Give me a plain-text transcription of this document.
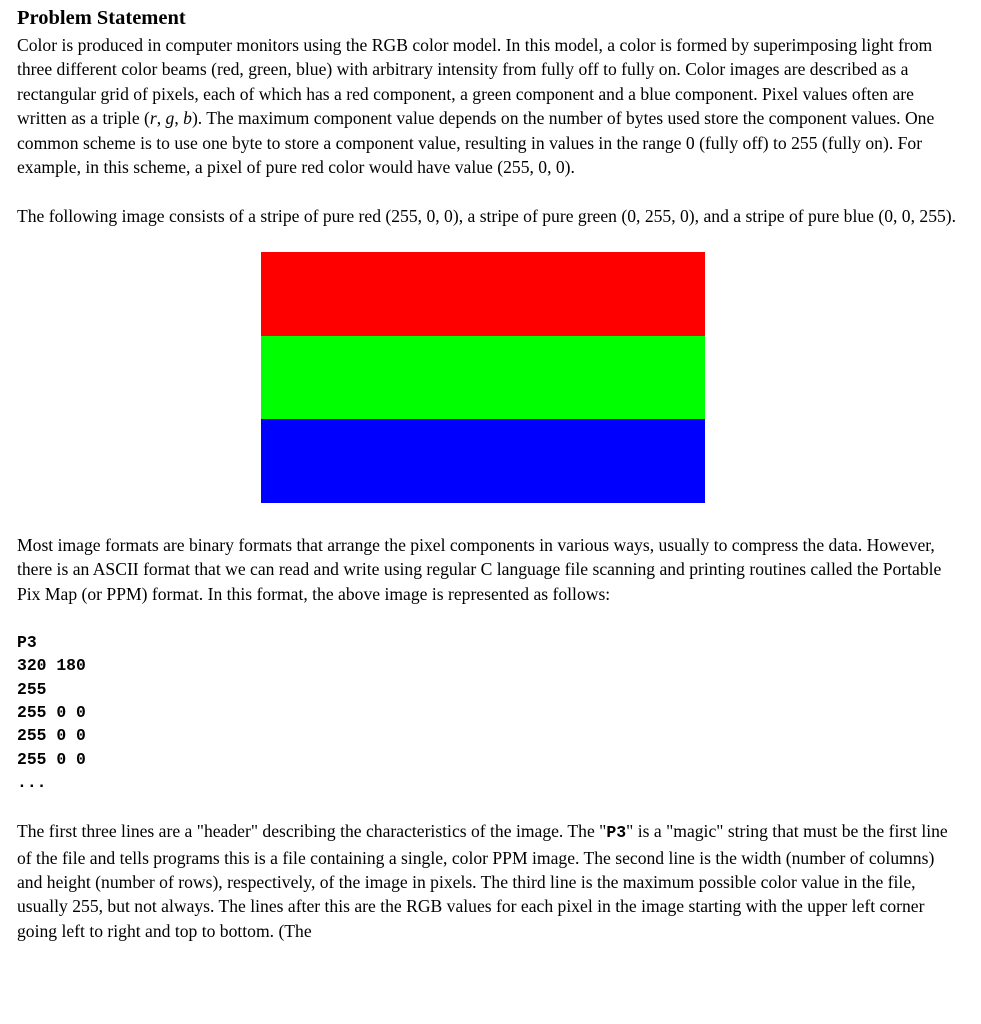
Problem Statement

Color is produced in computer monitors using the RGB color model. In this model, a color is formed by superimposing light from three different color beams (red, green, blue) with arbitrary intensity from fully off to fully on. Color images are described as a rectangular grid of pixels, each of which has a red component, a green component and a blue component. Pixel values often are written as a triple (r, g, b). The maximum component value depends on the number of bytes used store the component values. One common scheme is to use one byte to store a component value, resulting in values in the range 0 (fully off) to 255 (fully on). For example, in this scheme, a pixel of pure red color would have value (255, 0, 0).

The following image consists of a stripe of pure red (255, 0, 0), a stripe of pure green (0, 255, 0), and a stripe of pure blue (0, 0, 255).

Most image formats are binary formats that arrange the pixel components in various ways, usually to compress the data. However, there is an ASCII format that we can read and write using regular C language file scanning and printing routines called the Portable Pix Map (or PPM) format. In this format, the above image is represented as follows:

P3
320 180
255
255 0 0
255 0 0
255 0 0
...

The first three lines are a "header" describing the characteristics of the image. The "P3" is a "magic" string that must be the first line of the file and tells programs this is a file containing a single, color PPM image. The second line is the width (number of columns) and height (number of rows), respectively, of the image in pixels. The third line is the maximum possible color value in the file, usually 255, but not always. The lines after this are the RGB values for each pixel in the image starting with the upper left corner going left to right and top to bottom. (The
